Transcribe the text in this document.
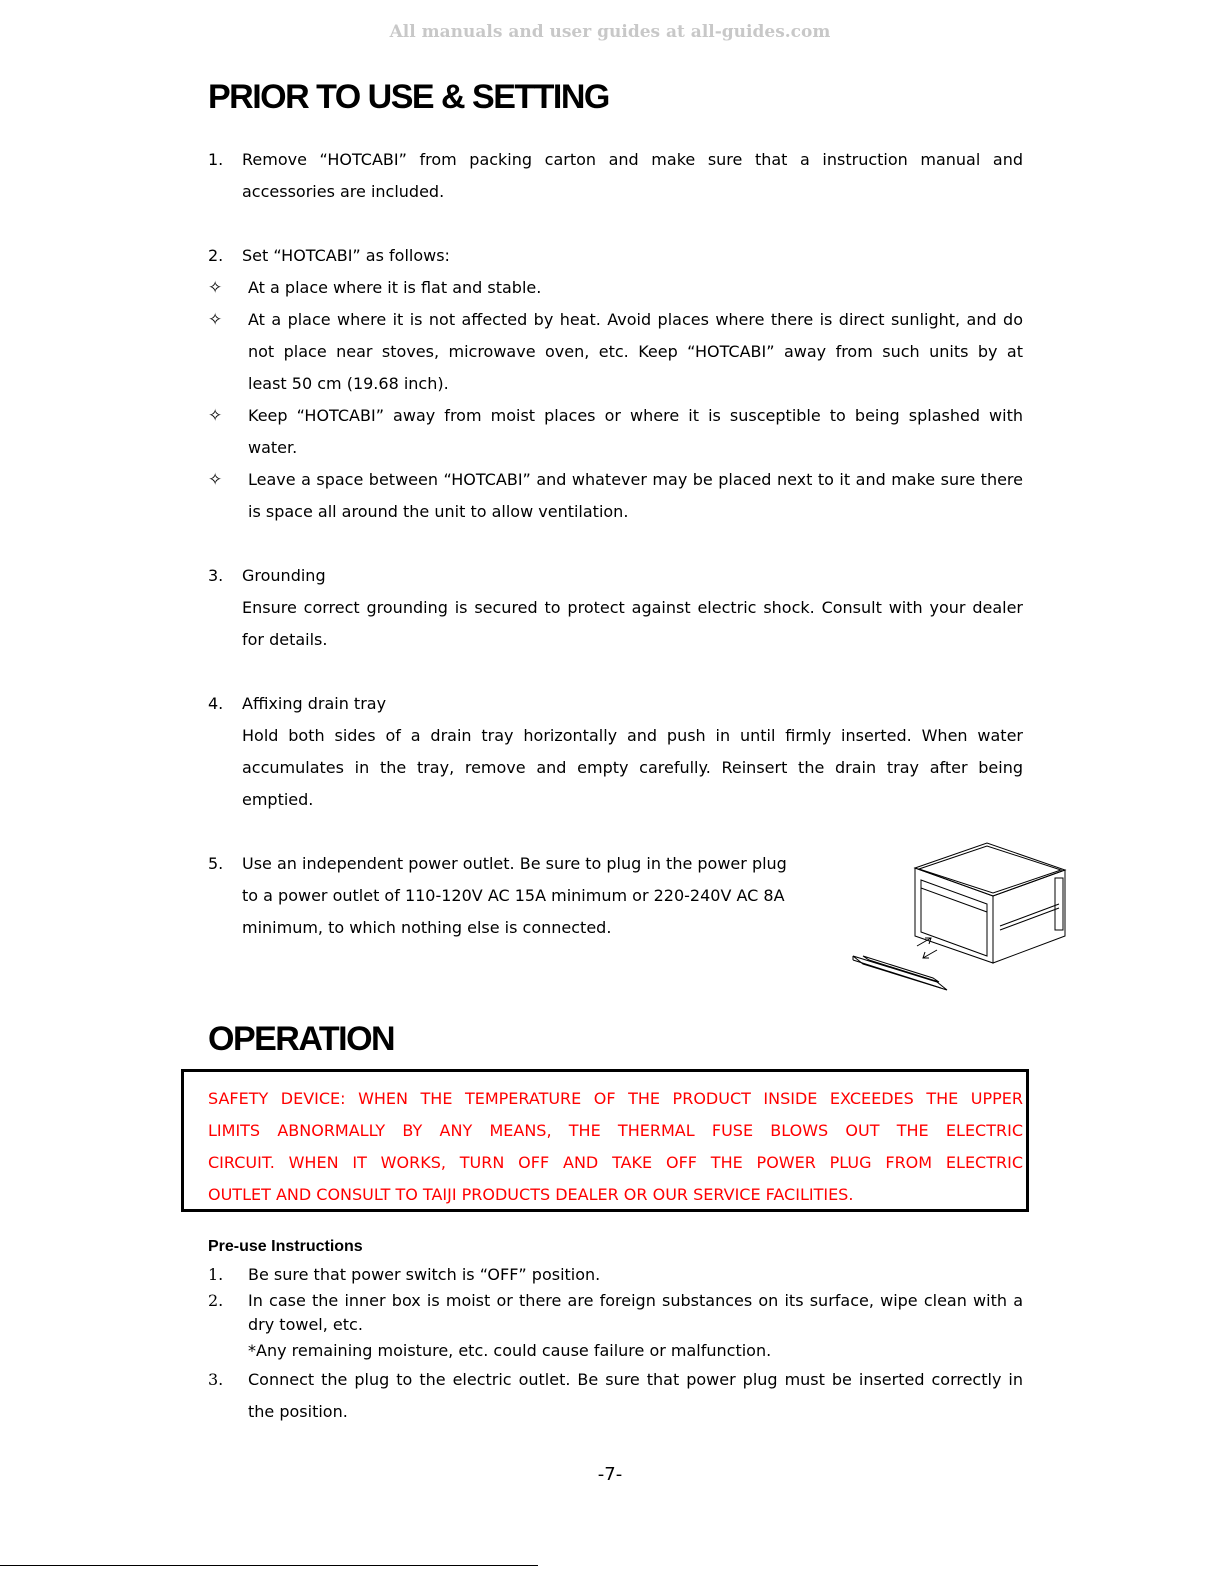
All manuals and user guides at all-guides.com
PRIOR TO USE & SETTING
1. Remove “HOTCABI” from packing carton and make sure that a instruction manual and
accessories are included.
2. Set “HOTCABI” as follows:
✧ At a place where it is flat and stable.
✧ At a place where it is not affected by heat. Avoid places where there is direct sunlight, and do
not place near stoves, microwave oven, etc. Keep “HOTCABI” away from such units by at
least 50 cm (19.68 inch).
✧ Keep “HOTCABI” away from moist places or where it is susceptible to being splashed with
water.
✧ Leave a space between “HOTCABI” and whatever may be placed next to it and make sure there
is space all around the unit to allow ventilation.
3. Grounding
Ensure correct grounding is secured to protect against electric shock. Consult with your dealer
for details.
4. Affixing drain tray
Hold both sides of a drain tray horizontally and push in until firmly inserted. When water
accumulates in the tray, remove and empty carefully. Reinsert the drain tray after being
emptied.
5. Use an independent power outlet. Be sure to plug in the power plug
to a power outlet of 110-120V AC 15A minimum or 220-240V AC 8A
minimum, to which nothing else is connected.
OPERATION
SAFETY DEVICE: WHEN THE TEMPERATURE OF THE PRODUCT INSIDE EXCEEDES THE UPPER
LIMITS ABNORMALLY BY ANY MEANS, THE THERMAL FUSE BLOWS OUT THE ELECTRIC
CIRCUIT. WHEN IT WORKS, TURN OFF AND TAKE OFF THE POWER PLUG FROM ELECTRIC
OUTLET AND CONSULT TO TAIJI PRODUCTS DEALER OR OUR SERVICE FACILITIES.
Pre-use Instructions
1. Be sure that power switch is “OFF” position.
2. In case the inner box is moist or there are foreign substances on its surface, wipe clean with a
dry towel, etc.
*Any remaining moisture, etc. could cause failure or malfunction.
3. Connect the plug to the electric outlet. Be sure that power plug must be inserted correctly in
the position.
-7-
